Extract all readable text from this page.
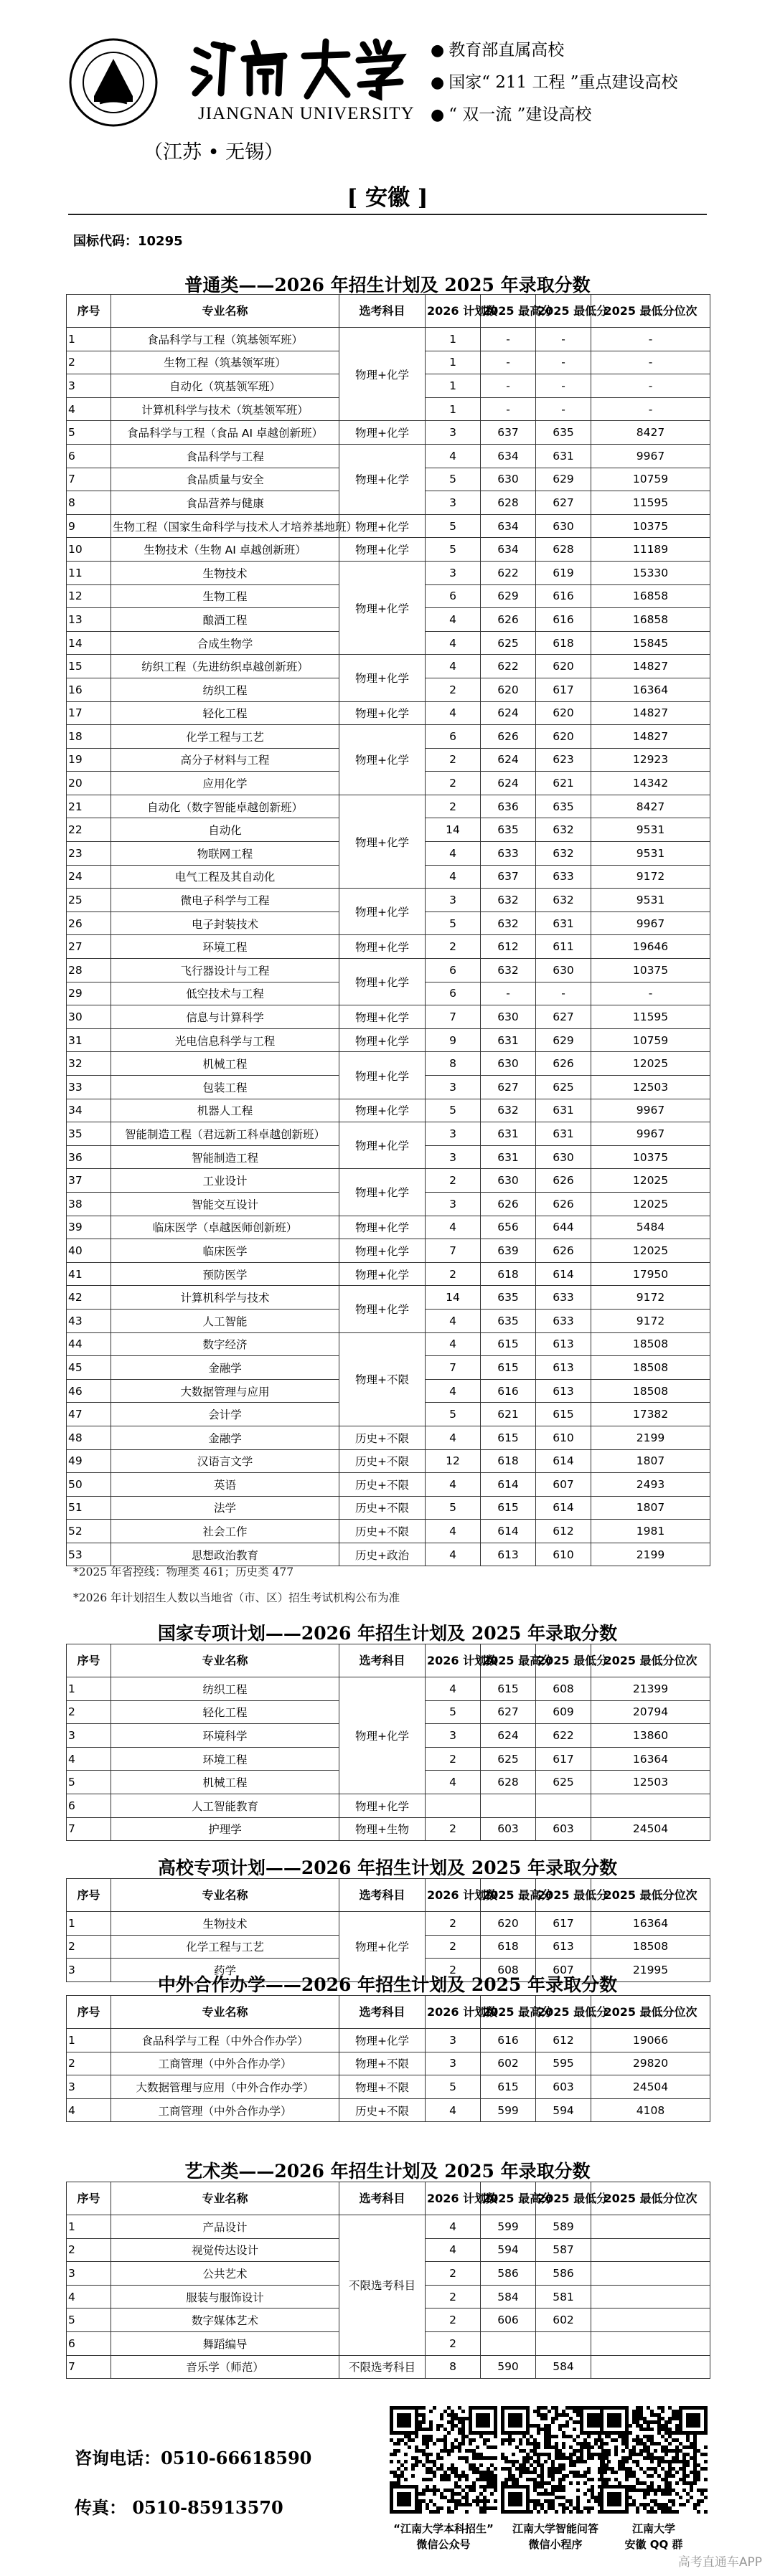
JIANGNAN UNIVERSITY
（江苏 • 无锡）
● 教育部直属高校
● 国家“ 211 工程 ”重点建设高校
● “ 双一流 ”建设高校
[ 安徽 ]
国标代码：10295
普通类——2026 年招生计划及 2025 年录取分数
序号	专业名称	选考科目	2026 计划数	2025 最高分	2025 最低分	2025 最低分位次
1	食品科学与工程（筑基领军班）	物理+化学	1	-	-	-
2	生物工程（筑基领军班）		1	-	-	-
3	自动化（筑基领军班）		1	-	-	-
4	计算机科学与技术（筑基领军班）		1	-	-	-
5	食品科学与工程（食品 AI 卓越创新班）	物理+化学	3	637	635	8427
6	食品科学与工程	物理+化学	4	634	631	9967
7	食品质量与安全		5	630	629	10759
8	食品营养与健康		3	628	627	11595
9	生物工程（国家生命科学与技术人才培养基地班）	物理+化学	5	634	630	10375
10	生物技术（生物 AI 卓越创新班）	物理+化学	5	634	628	11189
11	生物技术	物理+化学	3	622	619	15330
12	生物工程		6	629	616	16858
13	酿酒工程		4	626	616	16858
14	合成生物学		4	625	618	15845
15	纺织工程（先进纺织卓越创新班）	物理+化学	4	622	620	14827
16	纺织工程		2	620	617	16364
17	轻化工程	物理+化学	4	624	620	14827
18	化学工程与工艺	物理+化学	6	626	620	14827
19	高分子材料与工程		2	624	623	12923
20	应用化学		2	624	621	14342
21	自动化（数字智能卓越创新班）	物理+化学	2	636	635	8427
22	自动化		14	635	632	9531
23	物联网工程		4	633	632	9531
24	电气工程及其自动化		4	637	633	9172
25	微电子科学与工程	物理+化学	3	632	632	9531
26	电子封装技术		5	632	631	9967
27	环境工程	物理+化学	2	612	611	19646
28	飞行器设计与工程	物理+化学	6	632	630	10375
29	低空技术与工程		6	-	-	-
30	信息与计算科学	物理+化学	7	630	627	11595
31	光电信息科学与工程	物理+化学	9	631	629	10759
32	机械工程	物理+化学	8	630	626	12025
33	包装工程		3	627	625	12503
34	机器人工程	物理+化学	5	632	631	9967
35	智能制造工程（君远新工科卓越创新班）	物理+化学	3	631	631	9967
36	智能制造工程		3	631	630	10375
37	工业设计	物理+化学	2	630	626	12025
38	智能交互设计		3	626	626	12025
39	临床医学（卓越医师创新班）	物理+化学	4	656	644	5484
40	临床医学	物理+化学	7	639	626	12025
41	预防医学	物理+化学	2	618	614	17950
42	计算机科学与技术	物理+化学	14	635	633	9172
43	人工智能		4	635	633	9172
44	数字经济	物理+不限	4	615	613	18508
45	金融学		7	615	613	18508
46	大数据管理与应用		4	616	613	18508
47	会计学		5	621	615	17382
48	金融学	历史+不限	4	615	610	2199
49	汉语言文学	历史+不限	12	618	614	1807
50	英语	历史+不限	4	614	607	2493
51	法学	历史+不限	5	615	614	1807
52	社会工作	历史+不限	4	614	612	1981
53	思想政治教育	历史+政治	4	613	610	2199
国家专项计划——2026 年招生计划及 2025 年录取分数
序号	专业名称	选考科目	2026 计划数	2025 最高分	2025 最低分	2025 最低分位次
1	纺织工程	物理+化学	4	615	608	21399
2	轻化工程		5	627	609	20794
3	环境科学		3	624	622	13860
4	环境工程		2	625	617	16364
5	机械工程		4	628	625	12503
6	人工智能教育	物理+化学				
7	护理学	物理+生物	2	603	603	24504
高校专项计划——2026 年招生计划及 2025 年录取分数
序号	专业名称	选考科目	2026 计划数	2025 最高分	2025 最低分	2025 最低分位次
1	生物技术	物理+化学	2	620	617	16364
2	化学工程与工艺		2	618	613	18508
3	药学		2	608	607	21995
中外合作办学——2026 年招生计划及 2025 年录取分数
序号	专业名称	选考科目	2026 计划数	2025 最高分	2025 最低分	2025 最低分位次
1	食品科学与工程（中外合作办学）	物理+化学	3	616	612	19066
2	工商管理（中外合作办学）	物理+不限	3	602	595	29820
3	大数据管理与应用（中外合作办学）	物理+不限	5	615	603	24504
4	工商管理（中外合作办学）	历史+不限	4	599	594	4108
艺术类——2026 年招生计划及 2025 年录取分数
序号	专业名称	选考科目	2026 计划数	2025 最高分	2025 最低分	2025 最低分位次
1	产品设计	不限选考科目	4	599	589	
2	视觉传达设计		4	594	587	
3	公共艺术		2	586	586	
4	服装与服饰设计		2	584	581	
5	数字媒体艺术		2	606	602	
6	舞蹈编导		2			
7	音乐学（师范）	不限选考科目	8	590	584	
*2025 年省控线：物理类 461；历史类 477
*2026 年计划招生人数以当地省（市、区）招生考试机构公布为准
咨询电话：0510-66618590
传真： 0510-85913570
“江南大学本科招生”
微信公众号
江南大学智能问答
微信小程序
江南大学
安徽 QQ 群
高考直通车APP
